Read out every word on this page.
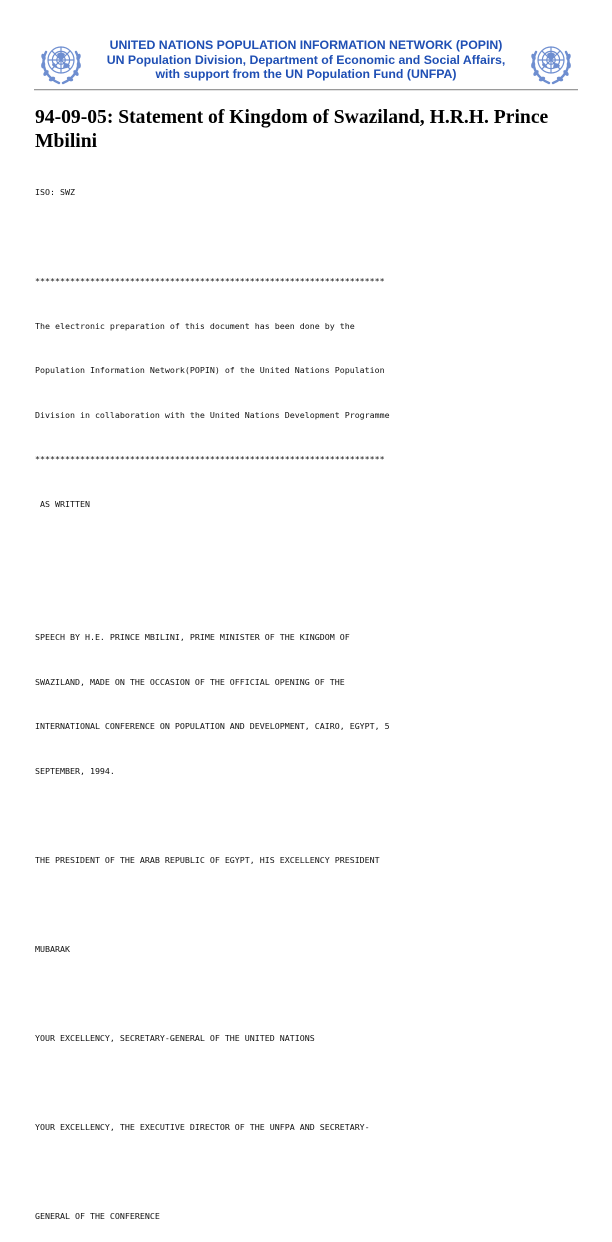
UNITED NATIONS POPULATION INFORMATION NETWORK (POPIN)
UN Population Division, Department of Economic and Social Affairs,
with support from the UN Population Fund (UNFPA)
94-09-05: Statement of Kingdom of Swaziland, H.R.H. Prince Mbilini

ISO: SWZ

**********************************************************************

The electronic preparation of this document has been done by the

Population Information Network(POPIN) of the United Nations Population

Division in collaboration with the United Nations Development Programme

**********************************************************************

AS WRITTEN

SPEECH BY H.E. PRINCE MBILINI, PRIME MINISTER OF THE KINGDOM OF

SWAZILAND, MADE ON THE OCCASION OF THE OFFICIAL OPENING OF THE

INTERNATIONAL CONFERENCE ON POPULATION AND DEVELOPMENT, CAIRO, EGYPT, 5

SEPTEMBER, 1994.

THE PRESIDENT OF THE ARAB REPUBLIC OF EGYPT, HIS EXCELLENCY PRESIDENT

MUBARAK

YOUR EXCELLENCY, SECRETARY-GENERAL OF THE UNITED NATIONS

YOUR EXCELLENCY, THE EXECUTIVE DIRECTOR OF THE UNFPA AND SECRETARY-

GENERAL OF THE CONFERENCE
